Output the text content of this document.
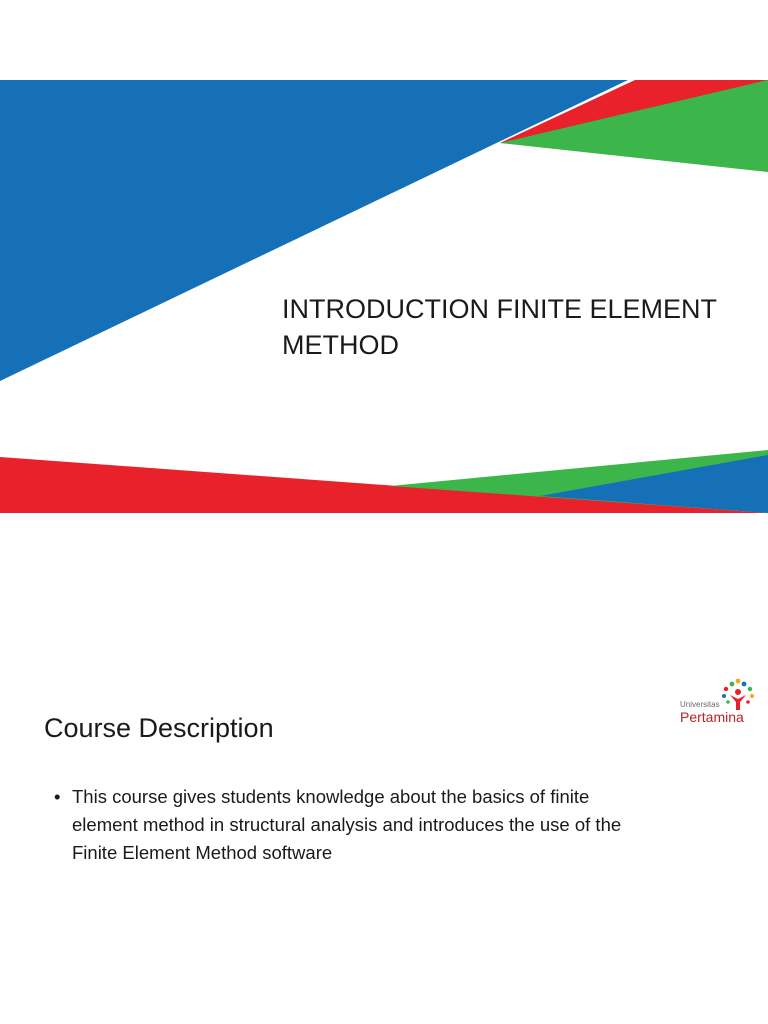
INTRODUCTION FINITE ELEMENT
METHOD
Course Description
• This course gives students knowledge about the basics of finite
element method in structural analysis and introduces the use of the
Finite Element Method software
Universitas
Pertamina
